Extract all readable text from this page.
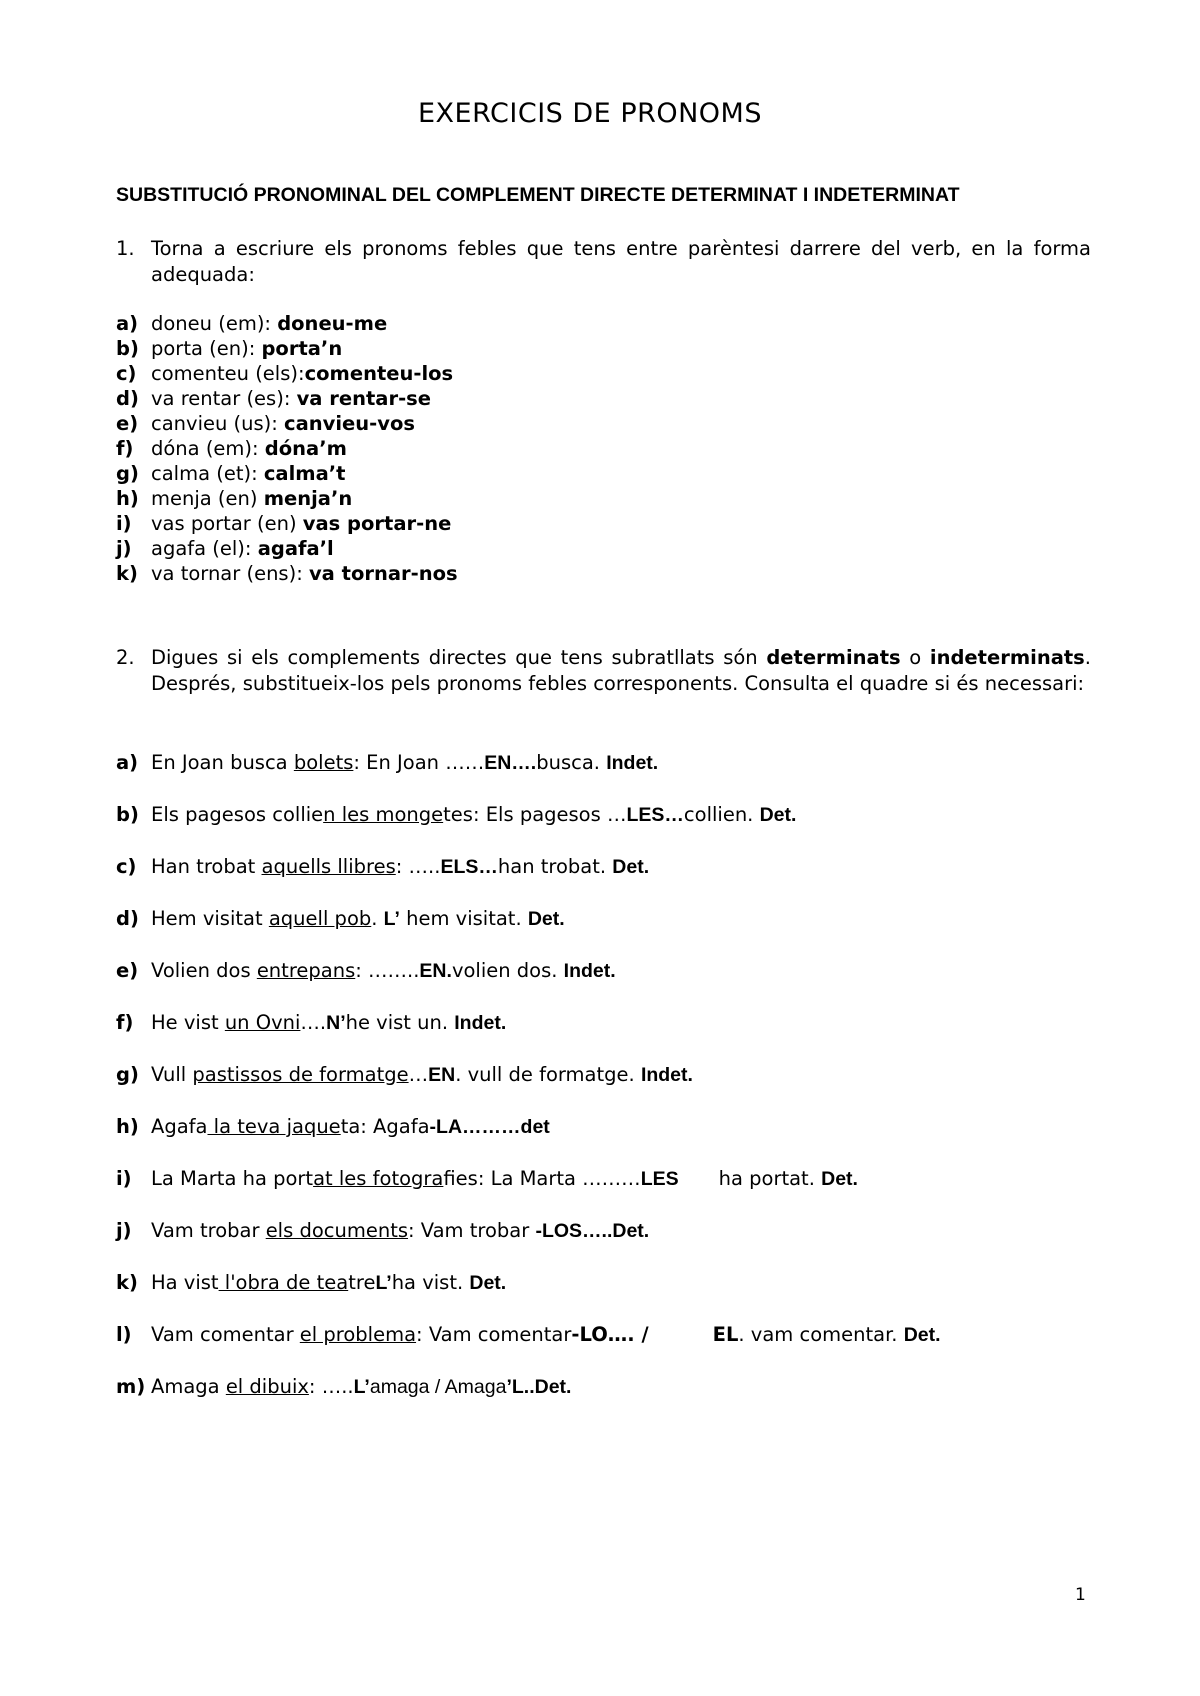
EXERCICIS DE PRONOMS
SUBSTITUCIÓ PRONOMINAL DEL COMPLEMENT DIRECTE DETERMINAT I INDETERMINAT
1. Torna a escriure els pronoms febles que tens entre parèntesi darrere del verb, en la forma adequada:
a) doneu (em): doneu-me
b) porta (en): porta’n
c) comenteu (els):comenteu-los
d) va rentar (es): va rentar-se
e) canvieu (us): canvieu-vos
f) dóna (em): dóna’m
g) calma (et): calma’t
h) menja (en) menja’n
i) vas portar (en) vas portar-ne
j) agafa (el): agafa’l
k) va tornar (ens): va tornar-nos
2. Digues si els complements directes que tens subratllats són determinats o indeterminats. Després, substitueix-los pels pronoms febles corresponents. Consulta el quadre si és necessari:
a) En Joan busca bolets: En Joan ……EN….busca. Indet.
b) Els pagesos collien les mongetes: Els pagesos …LES…collien. Det.
c) Han trobat aquells llibres: …..ELS…han trobat. Det.
d) Hem visitat aquell pob. L’ hem visitat. Det.
e) Volien dos entrepans: ……..EN.volien dos. Indet.
f) He vist un Ovni….N’he vist un. Indet.
g) Vull pastissos de formatge…EN. vull de formatge. Indet.
h) Agafa la teva jaqueta: Agafa-LA………det
i) La Marta ha portat les fotografies: La Marta ………LES ha portat. Det.
j) Vam trobar els documents: Vam trobar -LOS…..Det.
k) Ha vist l'obra de teatreL’ha vist. Det.
l) Vam comentar el problema: Vam comentar-LO…. /	EL. vam comentar. Det.
m) Amaga el dibuix: …..L’amaga / Amaga’L..Det.
1
